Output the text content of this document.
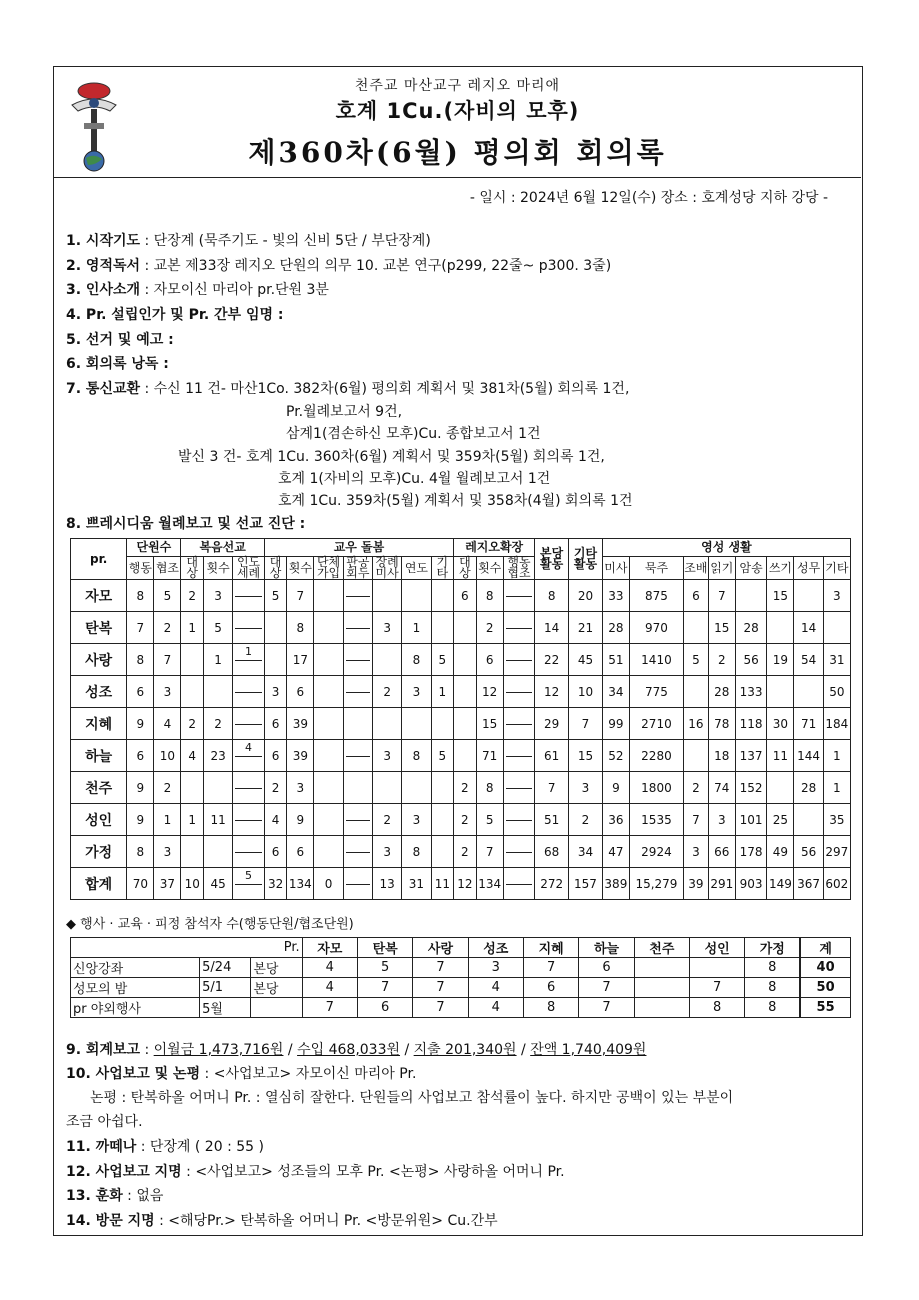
천주교 마산교구 레지오 마리애
호계 1Cu.(자비의 모후)
제360차(6월) 평의회 회의록
- 일시 : 2024년 6월 12일(수) 장소 : 호계성당 지하 강당 -
1. 시작기도 : 단장계 (묵주기도 - 빛의 신비 5단 / 부단장계)
2. 영적독서 : 교본 제33장 레지오 단원의 의무 10. 교본 연구(p299, 22줄~ p300. 3줄)
3. 인사소개 : 자모이신 마리아 pr.단원 3분
4. Pr. 설립인가 및 Pr. 간부 임명 :
5. 선거 및 예고 :
6. 회의록 낭독 :
7. 통신교환 : 수신 11 건- 마산1Co. 382차(6월) 평의회 계획서 및 381차(5월) 회의록 1건,
Pr.월례보고서 9건,
삼계1(겸손하신 모후)Cu. 종합보고서 1건
발신 3 건- 호계 1Cu. 360차(6월) 계획서 및 359차(5월) 회의록 1건,
호계 1(자비의 모후)Cu. 4월 월례보고서 1건
호계 1Cu. 359차(5월) 계획서 및 358차(4월) 회의록 1건
8. 쁘레시디움 월례보고 및 선교 진단 :
pr.	단원수		복음선교			교우 돌봄							레지오확장			본당활동	기타활동	영성 생활							
	행동	협조	대상	횟수	인도세례	대상	횟수	단체가입	판공회두	장례미사	연도	기타	대상	횟수	행동협조			미사	묵주	조배	읽기	암송	쓰기	성무	기타
자모	8	5	2	3		5	7						6	8		8	20	33	875	6	7		15		3
탄복	7	2	1	5			8			3	1			2		14	21	28	970		15	28		14	
사랑	8	7		1	1		17				8	5		6		22	45	51	1410	5	2	56	19	54	31
성조	6	3				3	6			2	3	1		12		12	10	34	775		28	133			50
지혜	9	4	2	2		6	39							15		29	7	99	2710	16	78	118	30	71	184
하늘	6	10	4	23	4	6	39			3	8	5		71		61	15	52	2280		18	137	11	144	1
천주	9	2				2	3						2	8		7	3	9	1800	2	74	152		28	1
성인	9	1	1	11		4	9			2	3		2	5		51	2	36	1535	7	3	101	25		35
가정	8	3				6	6			3	8		2	7		68	34	47	2924	3	66	178	49	56	297
합계	70	37	10	45	5	32	134	0		13	31	11	12	134		272	157	389	15,279	39	291	903	149	367	602
◆ 행사 · 교육 · 피정 참석자 수(행동단원/협조단원)
Pr.			자모	탄복	사랑	성조	지혜	하늘	천주	성인	가정	계
신앙강좌	5/24	본당	4	5	7	3	7	6			8	40
성모의 밤	5/1	본당	4	7	7	4	6	7		7	8	50
pr 야외행사	5월		7	6	7	4	8	7		8	8	55
9. 회계보고 : 이월금 1,473,716원 / 수입 468,033원 / 지출 201,340원 / 잔액 1,740,409원
10. 사업보고 및 논평 : <사업보고> 자모이신 마리아 Pr.
논평 : 탄복하올 어머니 Pr. : 열심히 잘한다. 단원들의 사업보고 참석률이 높다. 하지만 공백이 있는 부분이
조금 아쉽다.
11. 까떼나 : 단장계 ( 20 : 55 )
12. 사업보고 지명 : <사업보고> 성조들의 모후 Pr. <논평> 사랑하올 어머니 Pr.
13. 훈화 : 없음
14. 방문 지명 : <해당Pr.> 탄복하올 어머니 Pr. <방문위원> Cu.간부
